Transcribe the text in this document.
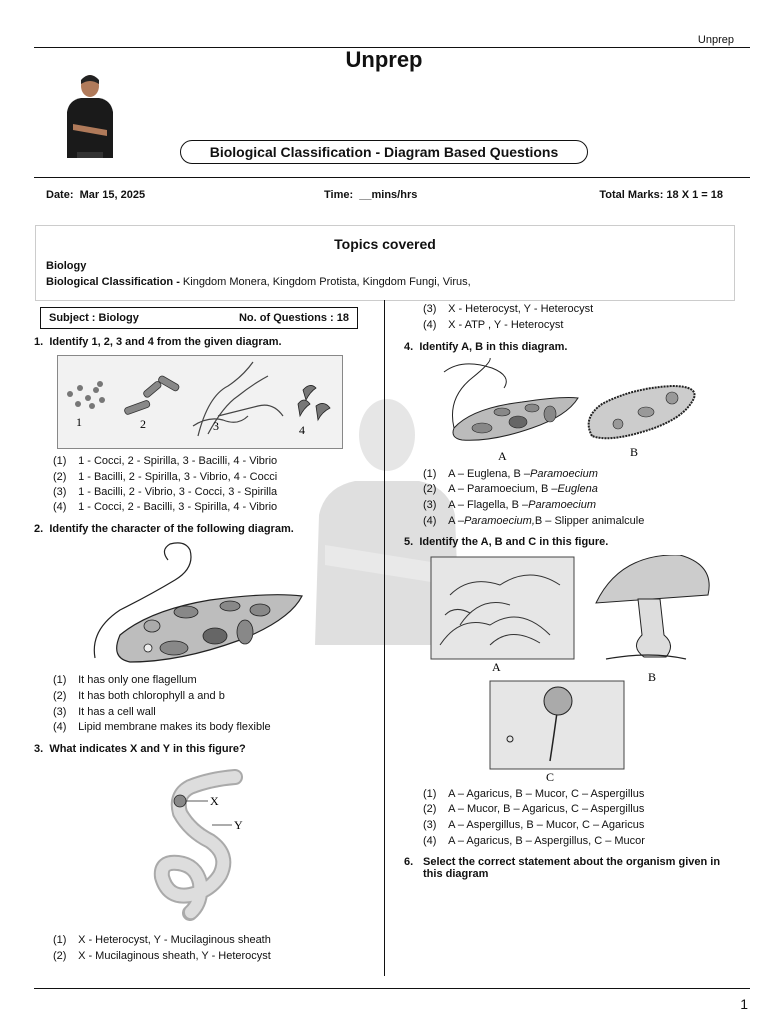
Unprep
Unprep
Biological Classification - Diagram Based Questions
Date: Mar 15, 2025	Time: __mins/hrs	Total Marks: 18 X 1 = 18
Topics covered
Biology
Biological Classification - Kingdom Monera, Kingdom Protista, Kingdom Fungi, Virus,
Subject : Biology	No. of Questions : 18
1. Identify 1, 2, 3 and 4 from the given diagram.
1	2	3	4
(1) 1 - Cocci, 2 - Spirilla, 3 - Bacilli, 4 - Vibrio
(2) 1 - Bacilli, 2 - Spirilla, 3 - Vibrio, 4 - Cocci
(3) 1 - Bacilli, 2 - Vibrio, 3 - Cocci, 3 - Spirilla
(4) 1 - Cocci, 2 - Bacilli, 3 - Spirilla, 4 - Vibrio
2. Identify the character of the following diagram.
(1) It has only one flagellum
(2) It has both chlorophyll a and b
(3) It has a cell wall
(4) Lipid membrane makes its body flexible
3. What indicates X and Y in this figure?
X
Y
(1) X - Heterocyst, Y - Mucilaginous sheath
(2) X - Mucilaginous sheath, Y - Heterocyst
(3) X - Heterocyst, Y - Heterocyst
(4) X - ATP , Y - Heterocyst
4. Identify A, B in this diagram.
A	B
(1) A – Euglena, B –Paramoecium
(2) A – Paramoecium, B –Euglena
(3) A – Flagella, B –Paramoecium
(4) A –Paramoecium,B – Slipper animalcule
5. Identify the A, B and C in this figure.
A
B
C
(1) A – Agaricus, B – Mucor, C – Aspergillus
(2) A – Mucor, B – Agaricus, C – Aspergillus
(3) A – Aspergillus, B – Mucor, C – Agaricus
(4) A – Agaricus, B – Aspergillus, C – Mucor
6. Select the correct statement about the organism given in this diagram
1
